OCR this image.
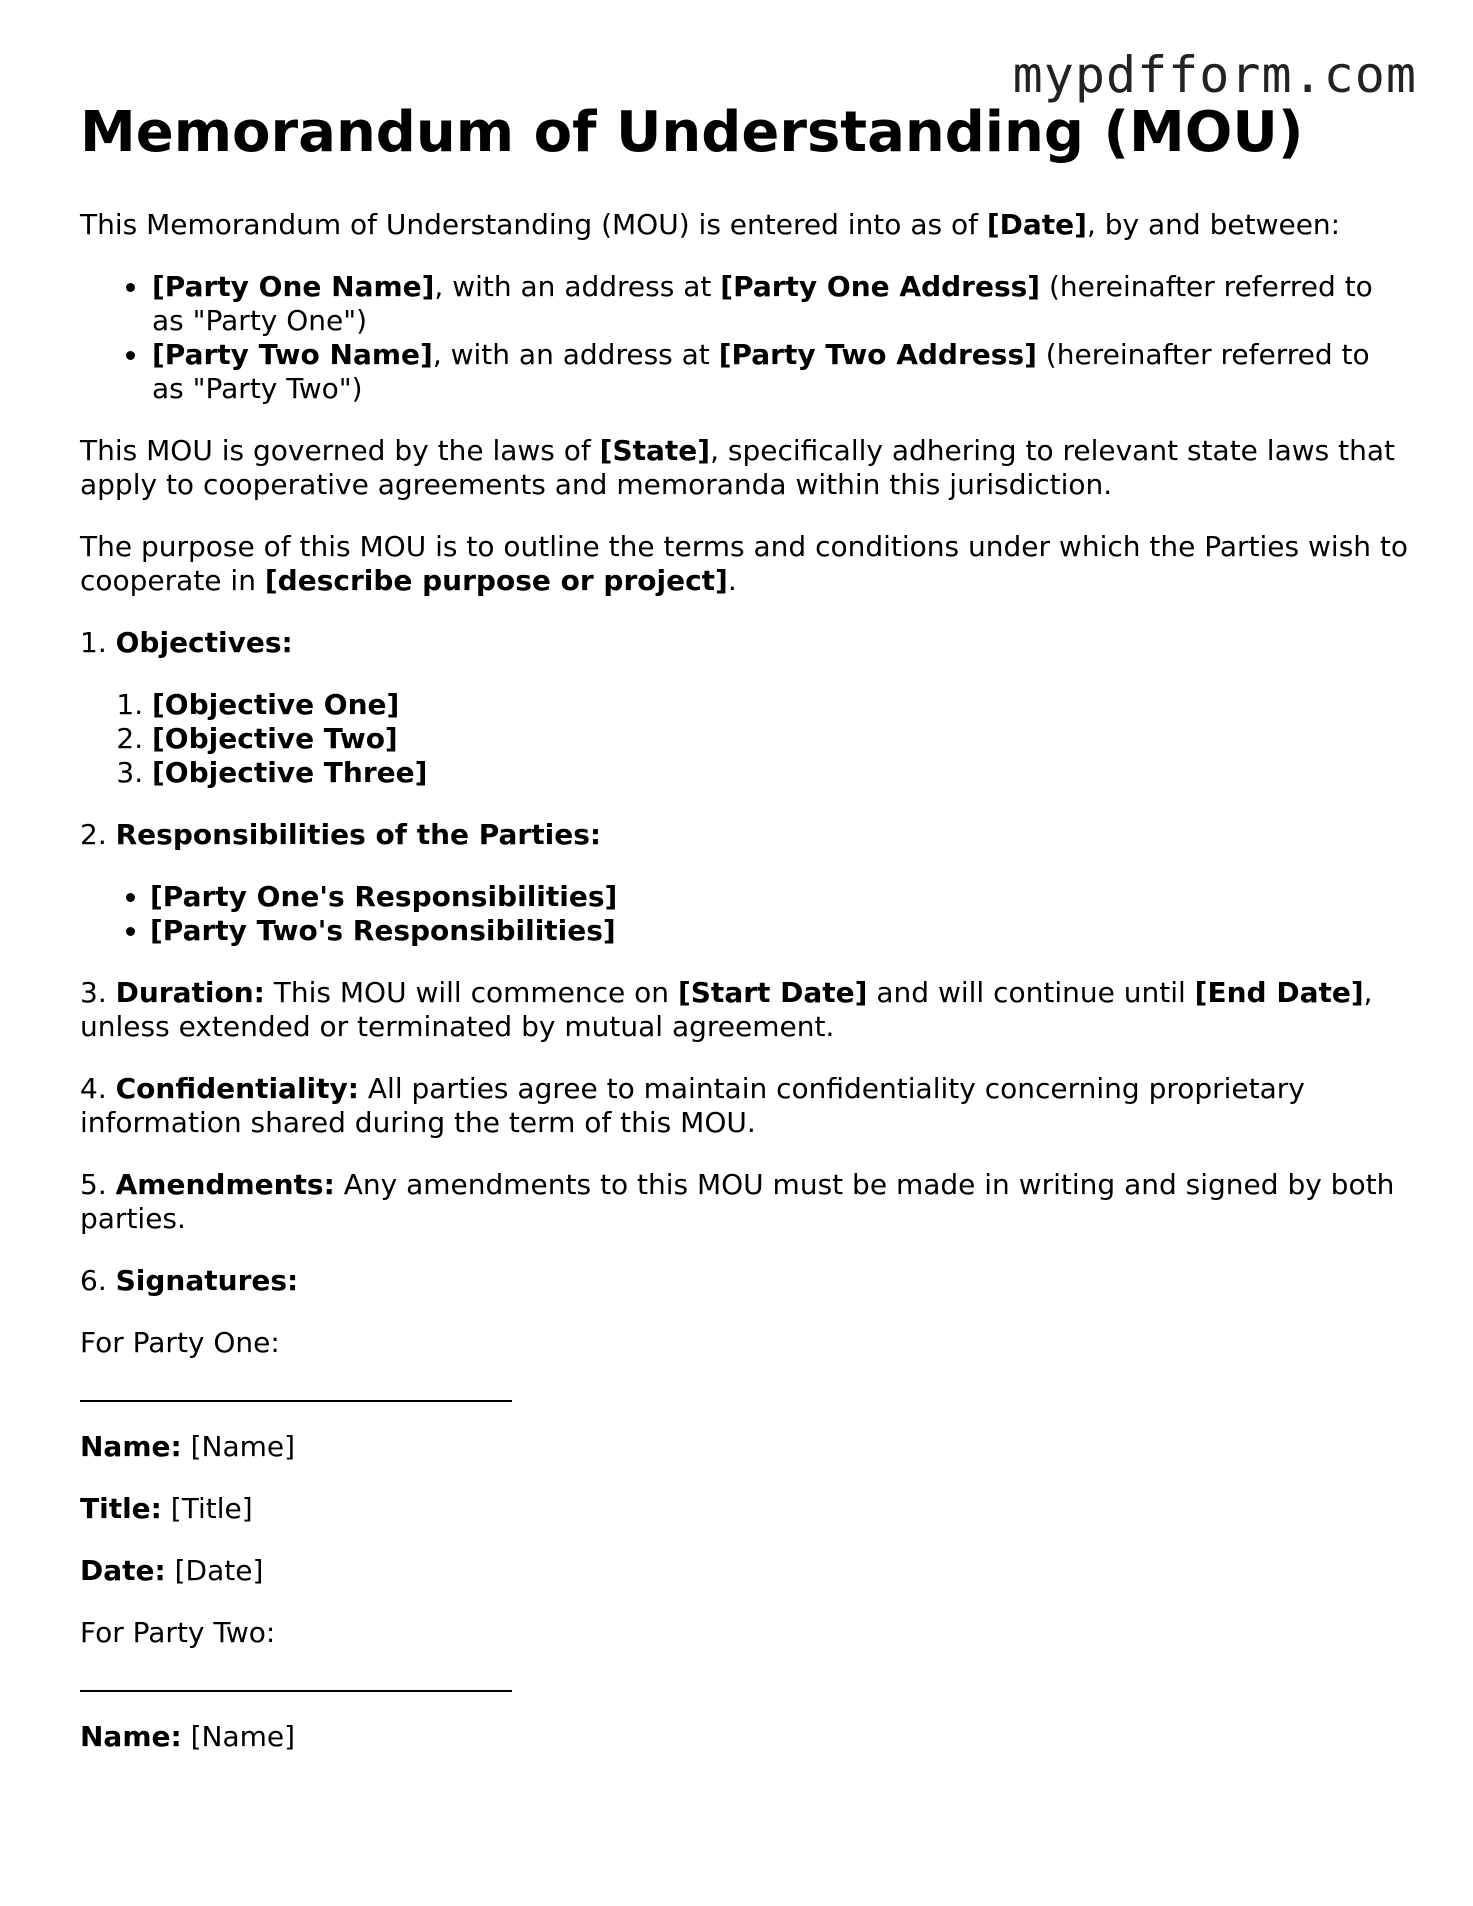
mypdfform.com
Memorandum of Understanding (MOU)

This Memorandum of Understanding (MOU) is entered into as of [Date], by and between:

• [Party One Name], with an address at [Party One Address] (hereinafter referred to as "Party One")
• [Party Two Name], with an address at [Party Two Address] (hereinafter referred to as "Party Two")

This MOU is governed by the laws of [State], specifically adhering to relevant state laws that apply to cooperative agreements and memoranda within this jurisdiction.

The purpose of this MOU is to outline the terms and conditions under which the Parties wish to cooperate in [describe purpose or project].

1. Objectives:

1. [Objective One]
2. [Objective Two]
3. [Objective Three]

2. Responsibilities of the Parties:

• [Party One's Responsibilities]
• [Party Two's Responsibilities]

3. Duration: This MOU will commence on [Start Date] and will continue until [End Date], unless extended or terminated by mutual agreement.

4. Confidentiality: All parties agree to maintain confidentiality concerning proprietary information shared during the term of this MOU.

5. Amendments: Any amendments to this MOU must be made in writing and signed by both parties.

6. Signatures:

For Party One:

Name: [Name]

Title: [Title]

Date: [Date]

For Party Two:

Name: [Name]
